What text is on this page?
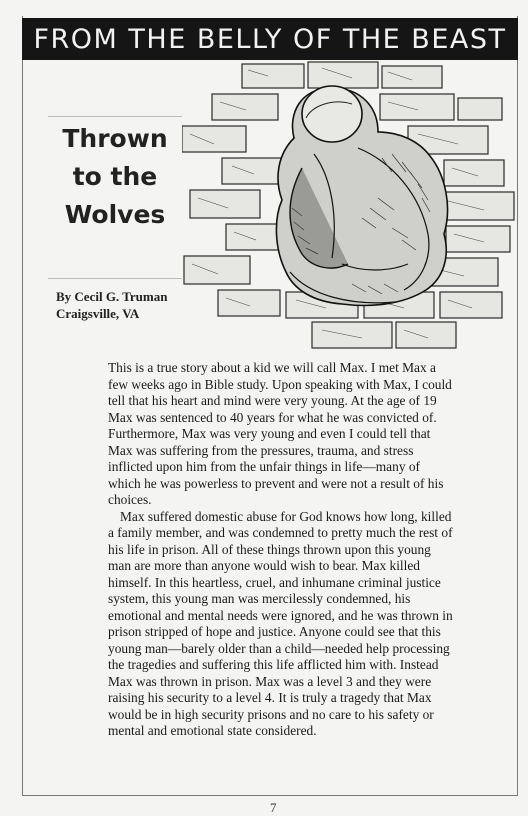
FROM THE BELLY OF THE BEAST
Thrown
to the
Wolves
By Cecil G. Truman
Craigsville, VA

This is a true story about a kid we will call Max. I met Max a few weeks ago in Bible study. Upon speaking with Max, I could tell that his heart and mind were very young. At the age of 19 Max was sentenced to 40 years for what he was convicted of. Furthermore, Max was very young and even I could tell that Max was suffering from the pressures, trauma, and stress inflicted upon him from the unfair things in life—many of which he was powerless to prevent and were not a result of his choices.

Max suffered domestic abuse for God knows how long, killed a family member, and was condemned to pretty much the rest of his life in prison. All of these things thrown upon this young man are more than anyone would wish to bear. Max killed himself. In this heartless, cruel, and inhumane criminal justice system, this young man was mercilessly condemned, his emotional and mental needs were ignored, and he was thrown in prison stripped of hope and justice. Anyone could see that this young man—barely older than a child—needed help processing the tragedies and suffering this life afflicted him with. Instead Max was thrown in prison. Max was a level 3 and they were raising his security to a level 4. It is truly a tragedy that Max would be in high security prisons and no care to his safety or mental and emotional state considered.

7
